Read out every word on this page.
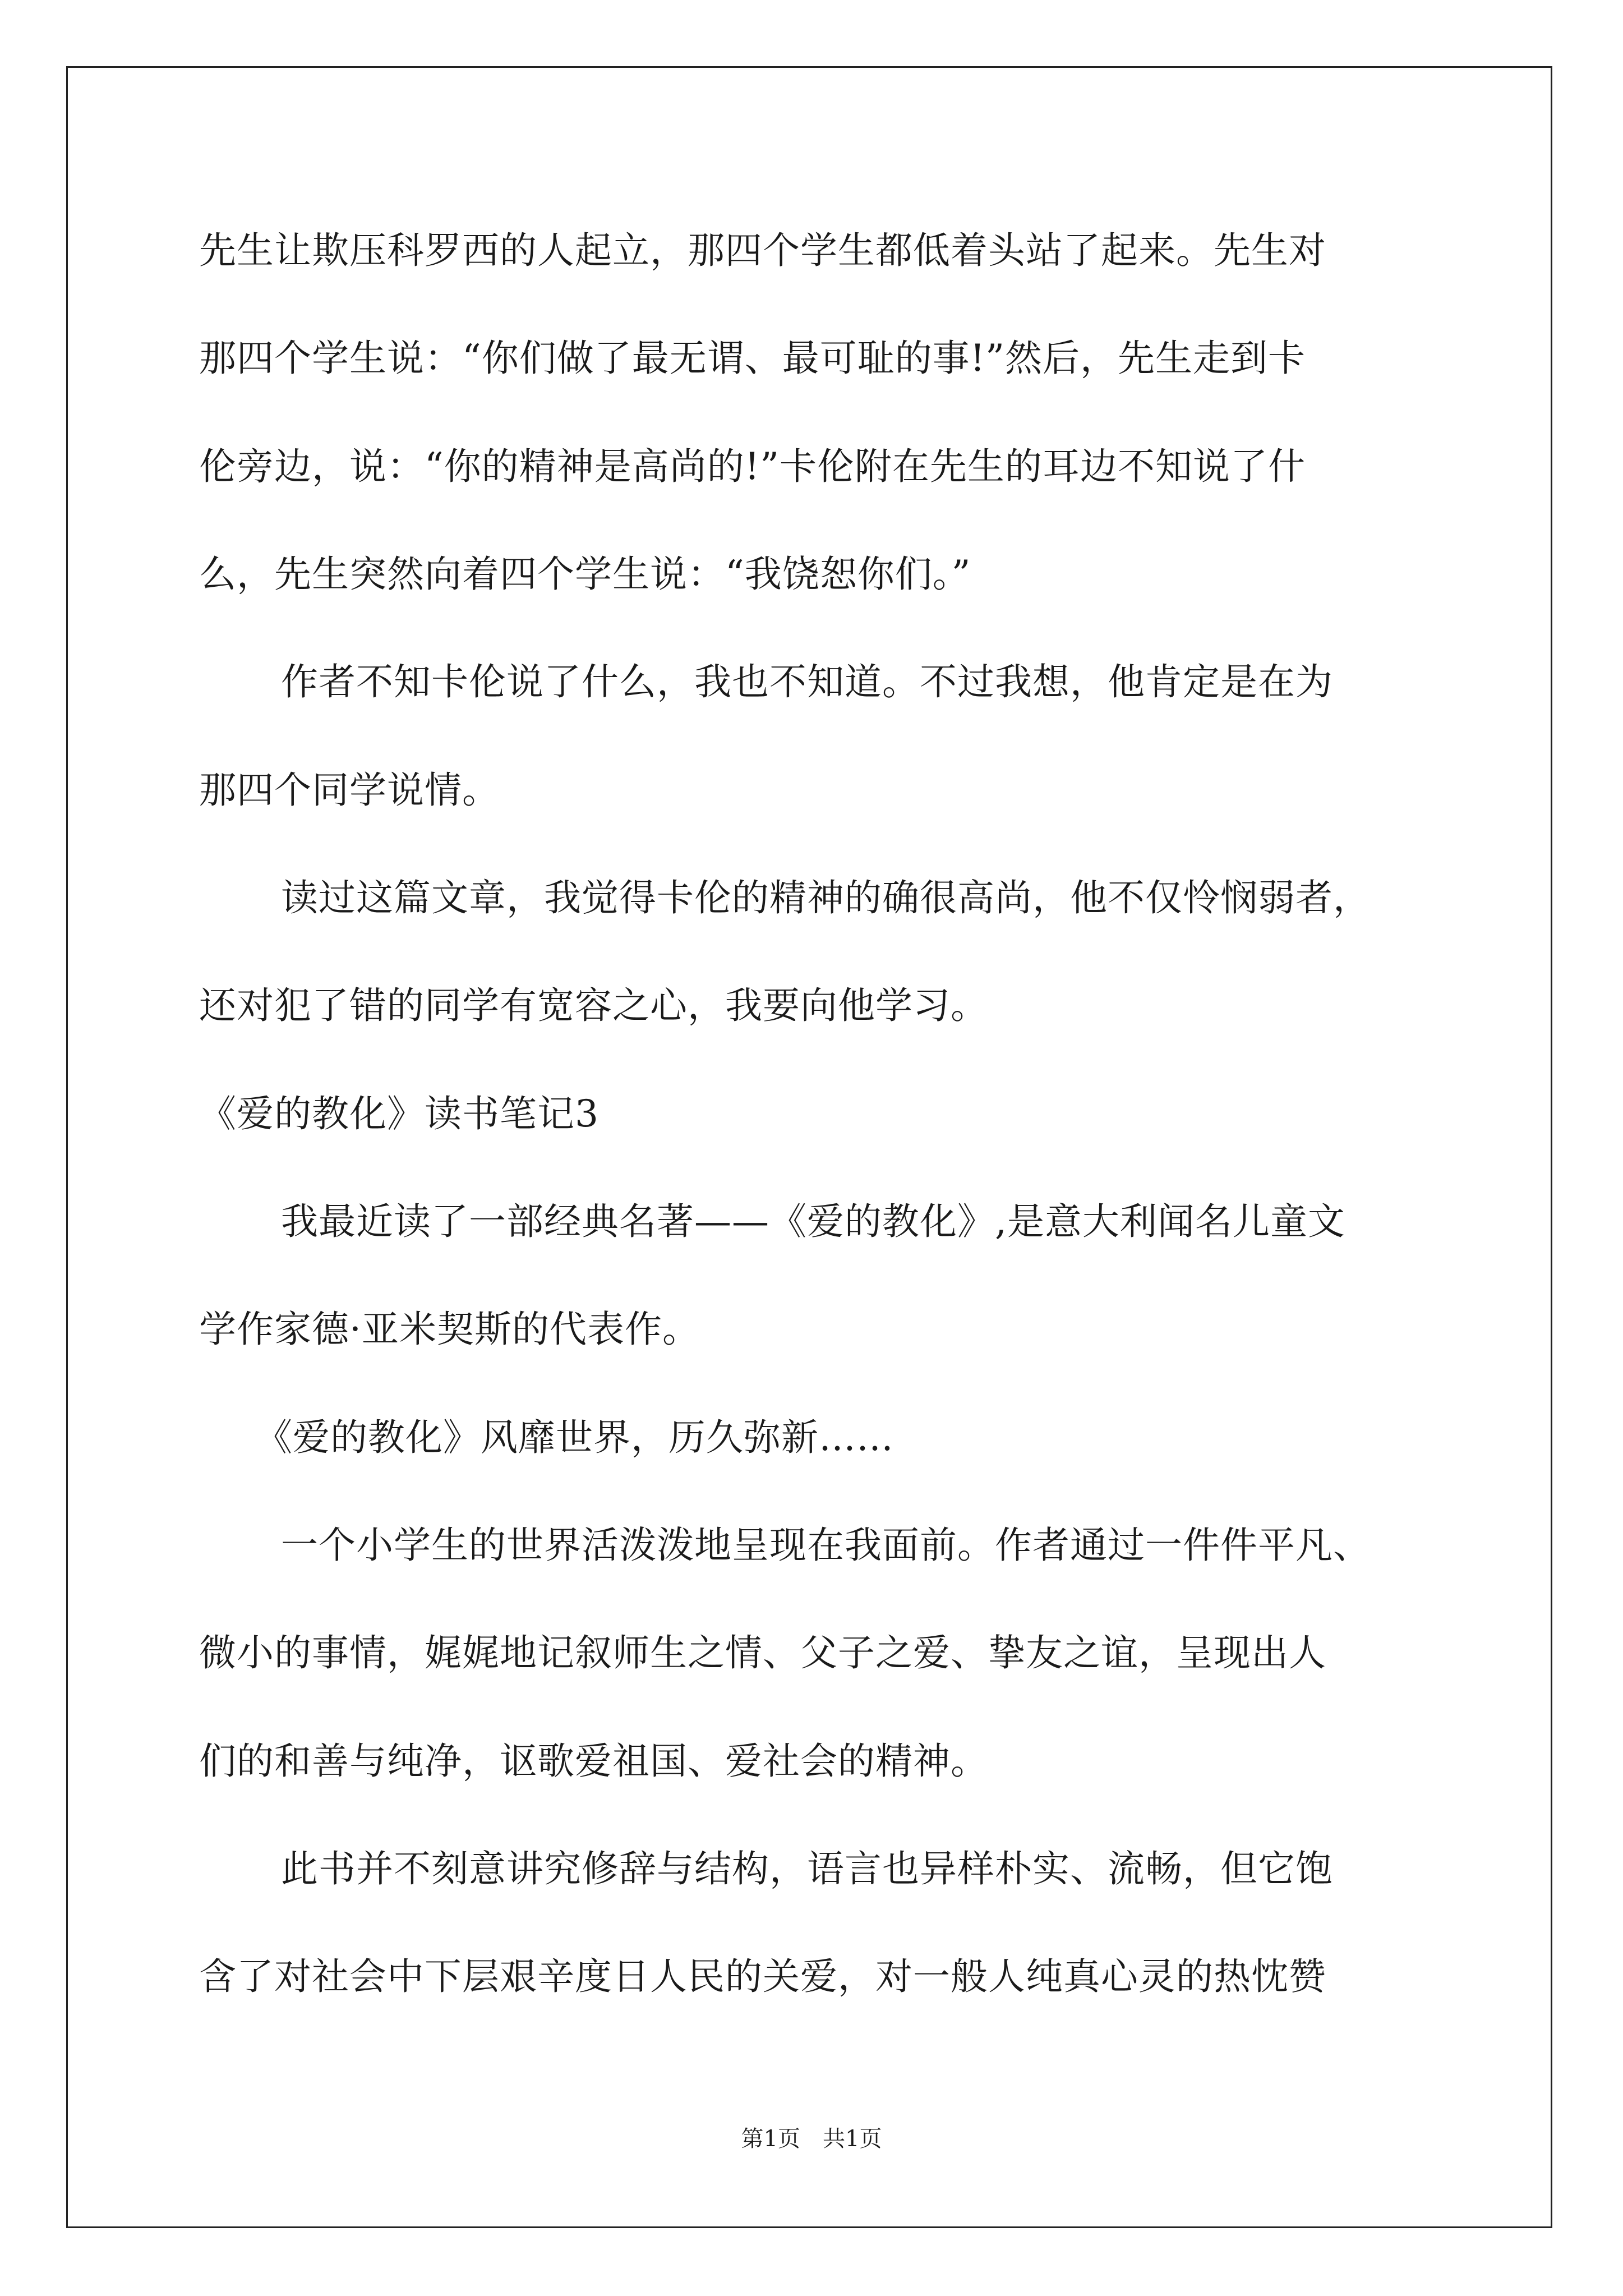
先生让欺压科罗西的人起立，那四个学生都低着头站了起来。先生对
那四个学生说：“你们做了最无谓、最可耻的事!”然后，先生走到卡
伦旁边，说：“你的精神是高尚的!”卡伦附在先生的耳边不知说了什
么，先生突然向着四个学生说：“我饶恕你们。”
作者不知卡伦说了什么，我也不知道。不过我想，他肯定是在为
那四个同学说情。
读过这篇文章，我觉得卡伦的精神的确很高尚，他不仅怜悯弱者，
还对犯了错的同学有宽容之心，我要向他学习。
《爱的教化》读书笔记3
我最近读了一部经典名著——《爱的教化》,是意大利闻名儿童文
学作家德·亚米契斯的代表作。
《爱的教化》风靡世界，历久弥新……
一个小学生的世界活泼泼地呈现在我面前。作者通过一件件平凡、
微小的事情，娓娓地记叙师生之情、父子之爱、挚友之谊，呈现出人
们的和善与纯净，讴歌爱祖国、爱社会的精神。
此书并不刻意讲究修辞与结构，语言也异样朴实、流畅，但它饱
含了对社会中下层艰辛度日人民的关爱，对一般人纯真心灵的热忱赞
第1页 共1页
